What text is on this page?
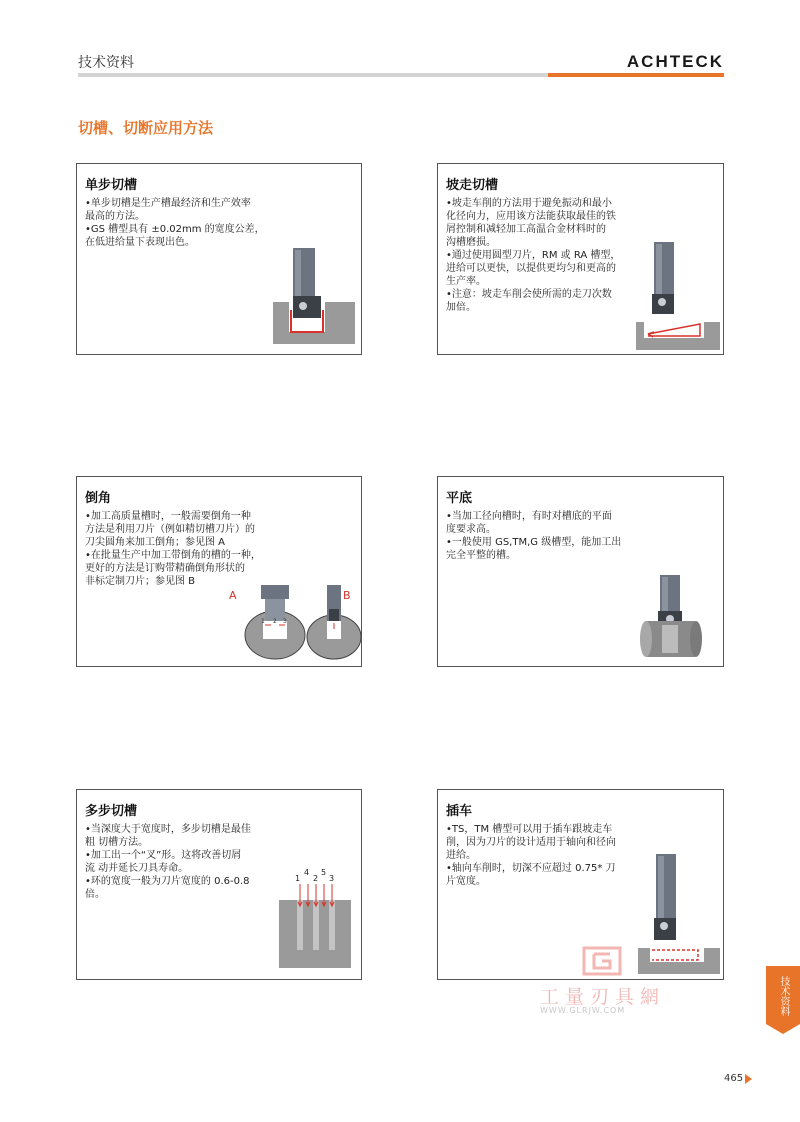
技术资料	ACHTECK
切槽、切断应用方法
单步切槽

•单步切槽是生产槽最经济和生产效率

最高的方法。

•GS 槽型具有 ±0.02mm 的宽度公差，

在低进给量下表现出色。

坡走切槽

•坡走车削的方法用于避免振动和最小

化径向力，应用该方法能获取最佳的铁

屑控制和减轻加工高温合金材料时的

沟槽磨损。

•通过使用圆型刀片，RM 或 RA 槽型，

进给可以更快，以提供更均匀和更高的

生产率。

•注意：坡走车削会使所需的走刀次数

加倍。

倒角

•加工高质量槽时，一般需要倒角一种

方法是利用刀片（例如精切槽刀片）的

刀尖圆角来加工倒角；参见图 A

•在批量生产中加工带倒角的槽的一种，

更好的方法是订购带精确倒角形状的

非标定制刀片；参见图 B

A	B
1 2 3
平底

•当加工径向槽时，有时对槽底的平面

度要求高。

•一般使用 GS,TM,G 级槽型，能加工出

完全平整的槽。

多步切槽

•当深度大于宽度时，多步切槽是最佳

粗 切槽方法。

•加工出一个“叉”形。这将改善切屑

流 动并延长刀具寿命。

•环的宽度一般为刀片宽度的 0.6-0.8

倍。

1
4
2
5
3
插车

•TS，TM 槽型可以用于插车跟坡走车

削，因为刀片的设计适用于轴向和径向

进给。

•轴向车削时，切深不应超过 0.75* 刀

片宽度。

工量刃具網
WWW.GLRJW.COM	技术资料
465
